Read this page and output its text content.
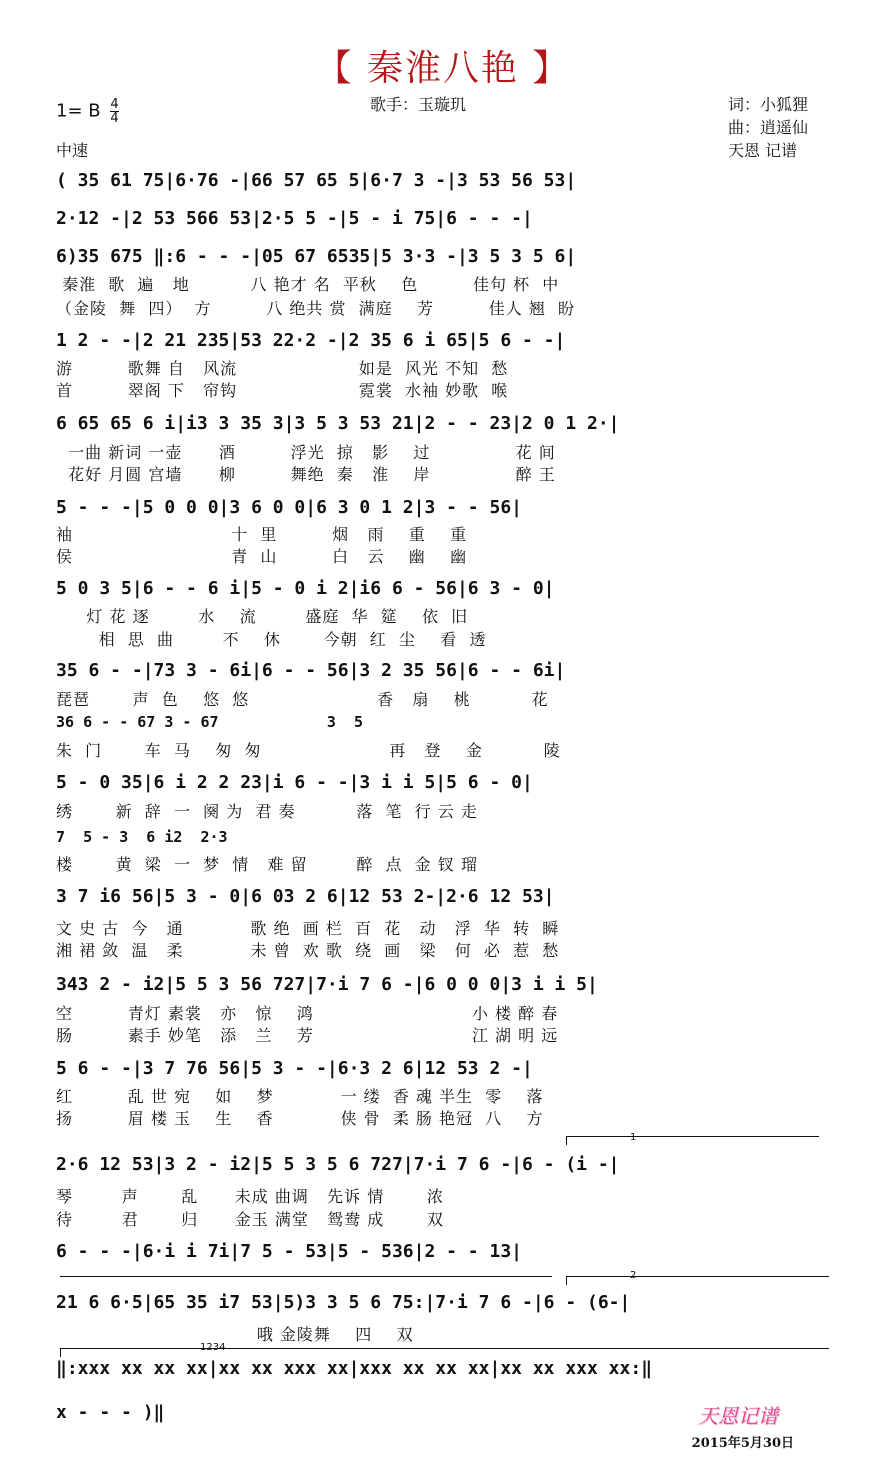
【 秦淮八艳 】
1= B $\frac{4}{4}$
中速
歌手：玉璇玑	词：小狐狸
曲：逍遥仙
天恩 记谱
( 35 61 75|6·76 -|66 57 65 5|6·7 3 -|3 53 56 53|
2·12 -|2 53 566 53|2·5 5 -|5 - i 75|6 - - -|
6)35 675 ‖:6 - - -|05 67 6535|5 3·3 -|3 5 3 5 6|
秦淮  歌  遍   地          八 艳才 名  平秋    色         佳句 杯  中
（金陵  舞  四）  方         八 绝共 赏  满庭    芳         佳人 翘  盼
1 2 - -|2 21 235|53 22·2 -|2 35 6 i 65|5 6 - -|
游         歌舞 自   风流                    如是  风光 不知  愁
首         翠阁 下   帘钩                    霓裳  水袖 妙歌  喉
6 65 65 6 i|i3 3 35 3|3 5 3 53 21|2 - - 23|2 0 1 2·|
一曲 新词 一壶      酒         浮光  掠   影    过              花 间
花好 月圆 宫墙      柳         舞绝  秦   淮    岸              醉 王
5 - - -|5 0 0 0|3 6 0 0|6 3 0 1 2|3 - - 56|
袖                          十  里         烟   雨    重    重
侯                          青  山         白   云    幽    幽
5 0 3 5|6 - - 6 i|5 - 0 i 2|i6 6 - 56|6 3 - 0|
灯 花 逐        水    流        盛庭  华  筵    依  旧
相  思  曲        不    休       今朝  红  尘    看  透
35 6 - -|73 3 - 6i|6 - - 56|3 2 35 56|6 - - 6i|
琵琶       声  色    悠  悠                     香   扇    桃          花
36 6 - - 67 3 - 67            3  5
朱  门       车  马    匆  匆                     再   登    金          陵
5 - 0 35|6 i 2 2 23|i 6 - -|3 i i 5|5 6 - 0|
绣       新  辞  一  阕 为  君 奏          落  笔  行 云 走
7  5 - 3  6 i2  2·3
楼       黄  梁  一  梦  情   难 留        醉  点  金 钗 瑠
3 7 i6 56|5 3 - 0|6 03 2 6|12 53 2-|2·6 12 53|
文 史 古  今   通           歌 绝  画 栏  百  花   动   浮  华  转  瞬
湘 裙 敛  温   柔           未 曾  欢 歌  绕  画   梁   何  必  惹  愁
343 2 - i2|5 5 3 56 727|7·i 7 6 -|6 0 0 0|3 i i 5|
空         青灯 素裳   亦   惊    鸿                          小 楼 醉 春
肠         素手 妙笔   添   兰    芳                          江 湖 明 远
5 6 - -|3 7 76 56|5 3 - -|6·3 2 6|12 53 2 -|
红         乱 世 宛    如    梦           一 缕  香 魂 半生  零    落
扬         眉 楼 玉    生    香           侠 骨  柔 肠 艳冠  八    方
1
2·6 12 53|3 2 - i2|5 5 3 5 6 727|7·i 7 6 -|6 - (i -|
琴        声       乱      未成 曲调   先诉 情       浓
待        君       归      金玉 满堂   鸳鸯 成       双
6 - - -|6·i i 7i|7 5 - 53|5 - 536|2 - - 13|
2
21 6 6·5|65 35 i7 53|5)3 3 5 6 75:|7·i 7 6 -|6 - (6-|
哦 金陵舞    四    双
1234
‖:xxx xx xx xx|xx xx xxx xx|xxx xx xx xx|xx xx xxx xx:‖
x - - - )‖	天恩记谱
2015年5月30日
